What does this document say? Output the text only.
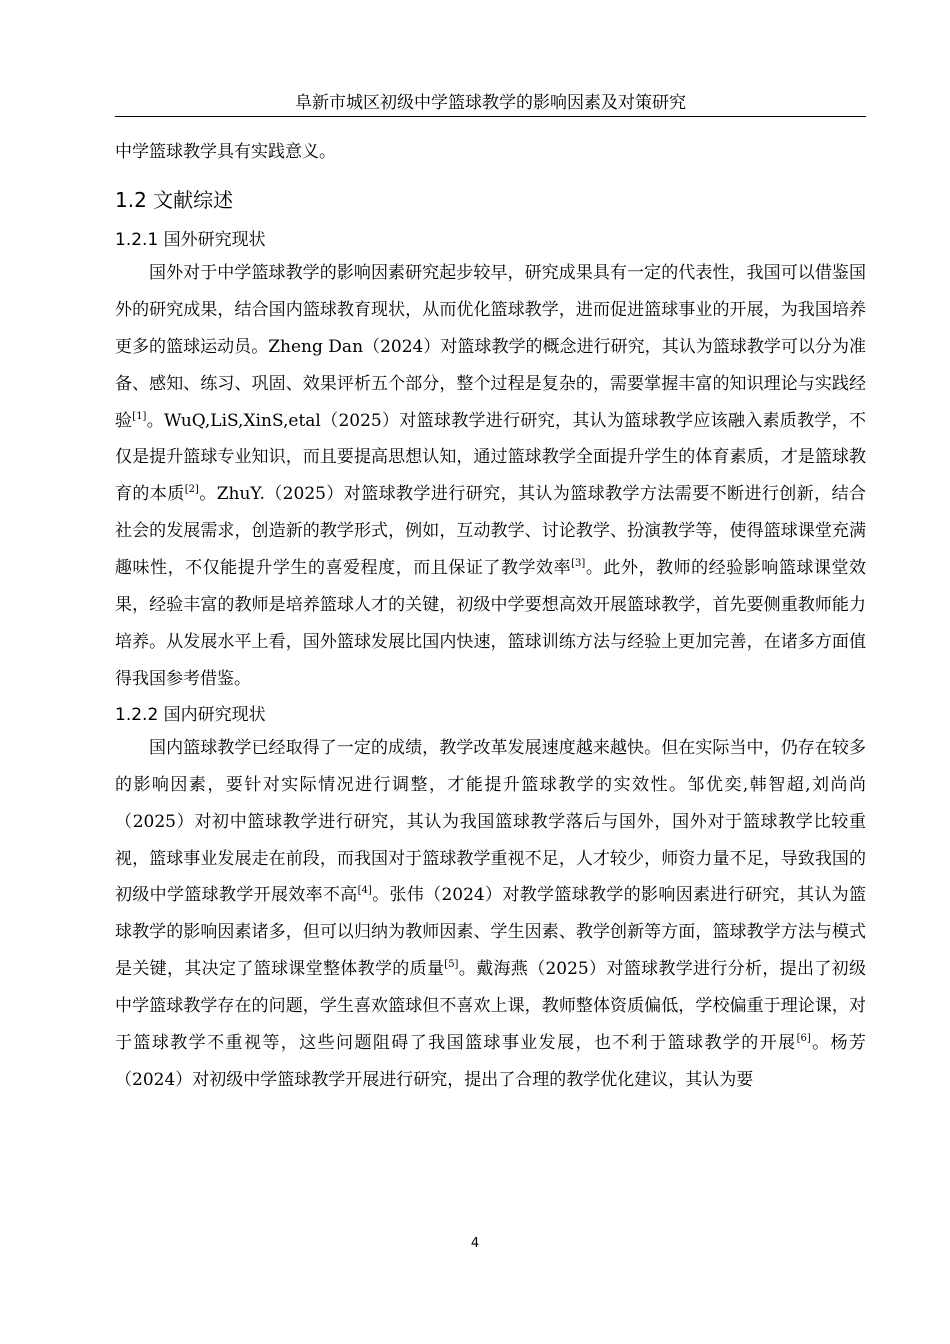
阜新市城区初级中学篮球教学的影响因素及对策研究

中学篮球教学具有实践意义。

1.2 文献综述
1.2.1 国外研究现状

国外对于中学篮球教学的影响因素研究起步较早，研究成果具有一定的代表性，我国可以借鉴国外的研究成果，结合国内篮球教育现状，从而优化篮球教学，进而促进篮球事业的开展，为我国培养更多的篮球运动员。Zheng Dan（2024）对篮球教学的概念进行研究，其认为篮球教学可以分为准备、感知、练习、巩固、效果评析五个部分，整个过程是复杂的，需要掌握丰富的知识理论与实践经验[1]。WuQ,LiS,XinS,etal（2025）对篮球教学进行研究，其认为篮球教学应该融入素质教学，不仅是提升篮球专业知识，而且要提高思想认知，通过篮球教学全面提升学生的体育素质，才是篮球教育的本质[2]。ZhuY.（2025）对篮球教学进行研究，其认为篮球教学方法需要不断进行创新，结合社会的发展需求，创造新的教学形式，例如，互动教学、讨论教学、扮演教学等，使得篮球课堂充满趣味性，不仅能提升学生的喜爱程度，而且保证了教学效率[3]。此外，教师的经验影响篮球课堂效果，经验丰富的教师是培养篮球人才的关键，初级中学要想高效开展篮球教学，首先要侧重教师能力培养。从发展水平上看，国外篮球发展比国内快速，篮球训练方法与经验上更加完善，在诸多方面值得我国参考借鉴。

1.2.2 国内研究现状

国内篮球教学已经取得了一定的成绩，教学改革发展速度越来越快。但在实际当中，仍存在较多的影响因素，要针对实际情况进行调整，才能提升篮球教学的实效性。邹优奕,韩智超,刘尚尚（2025）对初中篮球教学进行研究，其认为我国篮球教学落后与国外，国外对于篮球教学比较重视，篮球事业发展走在前段，而我国对于篮球教学重视不足，人才较少，师资力量不足，导致我国的初级中学篮球教学开展效率不高[4]。张伟（2024）对教学篮球教学的影响因素进行研究，其认为篮球教学的影响因素诸多，但可以归纳为教师因素、学生因素、教学创新等方面，篮球教学方法与模式是关键，其决定了篮球课堂整体教学的质量[5]。戴海燕（2025）对篮球教学进行分析，提出了初级中学篮球教学存在的问题，学生喜欢篮球但不喜欢上课，教师整体资质偏低，学校偏重于理论课，对于篮球教学不重视等，这些问题阻碍了我国篮球事业发展，也不利于篮球教学的开展[6]。杨芳（2024）对初级中学篮球教学开展进行研究，提出了合理的教学优化建议，其认为要

4
